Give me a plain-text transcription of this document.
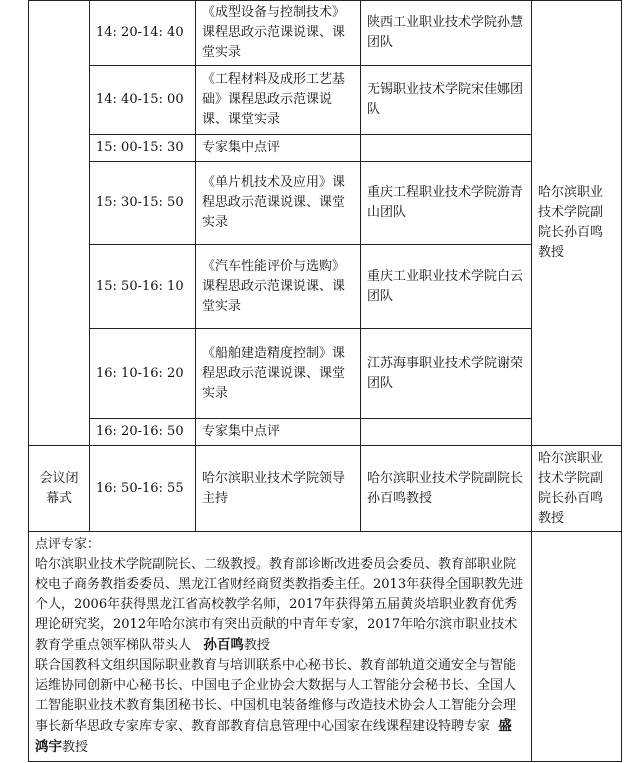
	14: 20-14: 40	《成型设备与控制技术》课程思政示范课说课、课堂实录	陕西工业职业技术学院孙慧团队	哈尔滨职业技术学院副院长孙百鸣教授
	14: 40-15: 00	《工程材料及成形工艺基础》课程思政示范课说课、课堂实录	无锡职业技术学院宋佳娜团队	
	15: 00-15: 30	专家集中点评		
	15: 30-15: 50	《单片机技术及应用》课程思政示范课说课、课堂实录	重庆工程职业技术学院游青山团队	
	15: 50-16: 10	《汽车性能评价与选购》课程思政示范课说课、课堂实录	重庆工业职业技术学院白云团队	
	16: 10-16: 20	《船舶建造精度控制》课程思政示范课说课、课堂实录	江苏海事职业技术学院谢荣团队	
	16: 20-16: 50	专家集中点评		
会议闭幕式	16: 50-16: 55	哈尔滨职业技术学院领导主持	哈尔滨职业技术学院副院长孙百鸣教授	哈尔滨职业技术学院副院长孙百鸣教授

点评专家：
哈尔滨职业技术学院副院长、二级教授。教育部诊断改进委员会委员、教育部职业院校电子商务教指委委员、黑龙江省财经商贸类教指委主任。2013年获得全国职教先进个人，2006年获得黑龙江省高校教学名师，2017年获得第五届黄炎培职业教育优秀理论研究奖，2012年哈尔滨市有突出贡献的中青年专家，2017年哈尔滨市职业技术教育学重点领军梯队带头人 孙百鸣教授
联合国教科文组织国际职业教育与培训联系中心秘书长、教育部轨道交通安全与智能运维协同创新中心秘书长、中国电子企业协会大数据与人工智能分会秘书长、全国人工智能职业技术教育集团秘书长、中国机电装备维修与改造技术协会人工智能分会理事长新华思政专家库专家、教育部教育信息管理中心国家在线课程建设特聘专家 盛鸿宇教授				
